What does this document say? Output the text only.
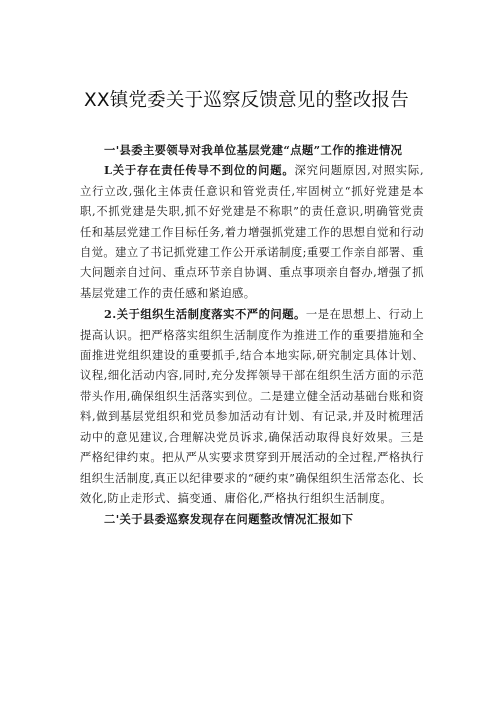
XX镇党委关于巡察反馈意见的整改报告

一'县委主要领导对我单位基层党建“点题”工作的推进情况

L关于存在责任传导不到位的问题。深究问题原因,对照实际,立行立改,强化主体责任意识和管党责任,牢固树立“抓好党建是本职,不抓党建是失职,抓不好党建是不称职”的责任意识,明确管党责任和基层党建工作目标任务,着力增强抓党建工作的思想自觉和行动自觉。建立了书记抓党建工作公开承诺制度;重要工作亲自部署、重大问题亲自过问、重点环节亲自协调、重点事项亲自督办,增强了抓基层党建工作的责任感和紧迫感。

2.关于组织生活制度落实不严的问题。一是在思想上、行动上提高认识。把严格落实组织生活制度作为推进工作的重要措施和全面推进党组织建设的重要抓手,结合本地实际,研究制定具体计划、议程,细化活动内容,同时,充分发挥领导干部在组织生活方面的示范带头作用,确保组织生活落实到位。二是建立健全活动基础台账和资料,做到基层党组织和党员参加活动有计划、有记录,并及时梳理活动中的意见建议,合理解决党员诉求,确保活动取得良好效果。三是严格纪律约束。把从严从实要求贯穿到开展活动的全过程,严格执行组织生活制度,真正以纪律要求的“硬约束”确保组织生活常态化、长效化,防止走形式、搞变通、庸俗化,严格执行组织生活制度。

二'关于县委巡察发现存在问题整改情况汇报如下
